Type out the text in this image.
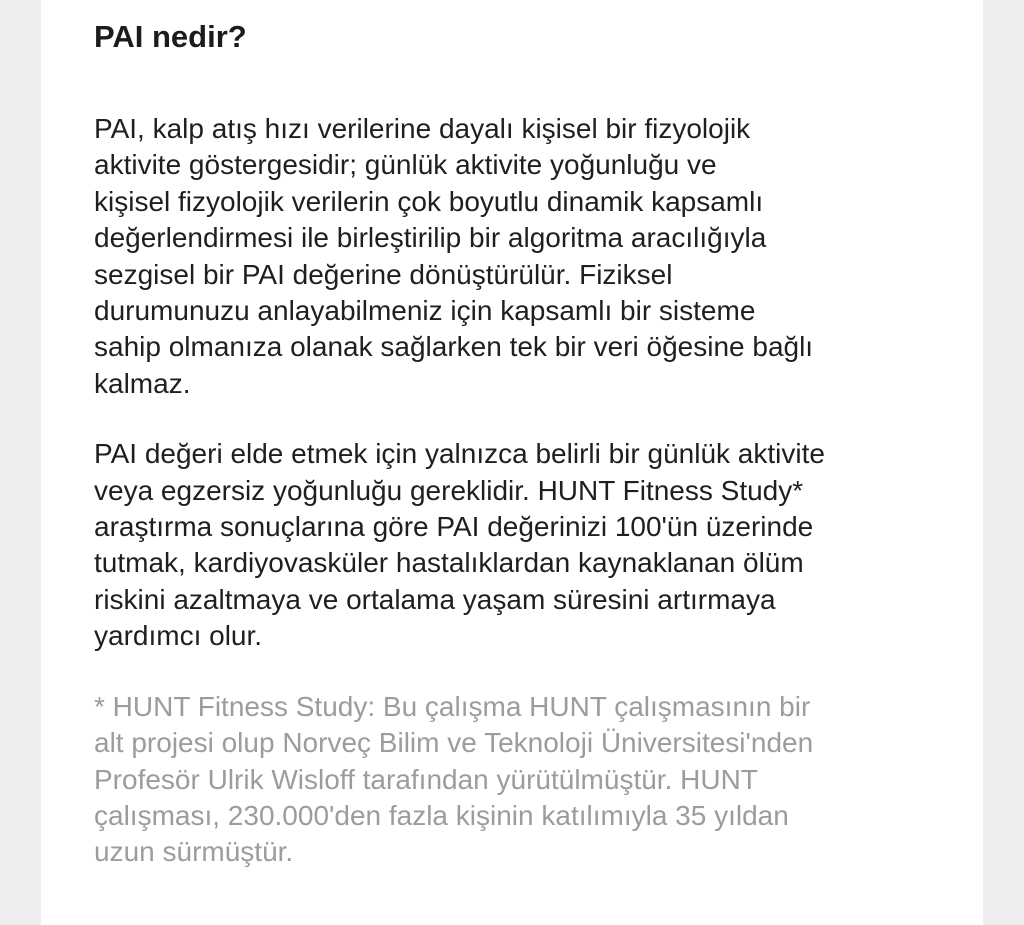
PAI nedir?

PAI, kalp atış hızı verilerine dayalı kişisel bir fizyolojik
aktivite göstergesidir; günlük aktivite yoğunluğu ve
kişisel fizyolojik verilerin çok boyutlu dinamik kapsamlı
değerlendirmesi ile birleştirilip bir algoritma aracılığıyla
sezgisel bir PAI değerine dönüştürülür. Fiziksel
durumunuzu anlayabilmeniz için kapsamlı bir sisteme
sahip olmanıza olanak sağlarken tek bir veri öğesine bağlı
kalmaz.

PAI değeri elde etmek için yalnızca belirli bir günlük aktivite
veya egzersiz yoğunluğu gereklidir. HUNT Fitness Study*
araştırma sonuçlarına göre PAI değerinizi 100'ün üzerinde
tutmak, kardiyovasküler hastalıklardan kaynaklanan ölüm
riskini azaltmaya ve ortalama yaşam süresini artırmaya
yardımcı olur.

* HUNT Fitness Study: Bu çalışma HUNT çalışmasının bir
alt projesi olup Norveç Bilim ve Teknoloji Üniversitesi'nden
Profesör Ulrik Wisloff tarafından yürütülmüştür. HUNT
çalışması, 230.000'den fazla kişinin katılımıyla 35 yıldan
uzun sürmüştür.
